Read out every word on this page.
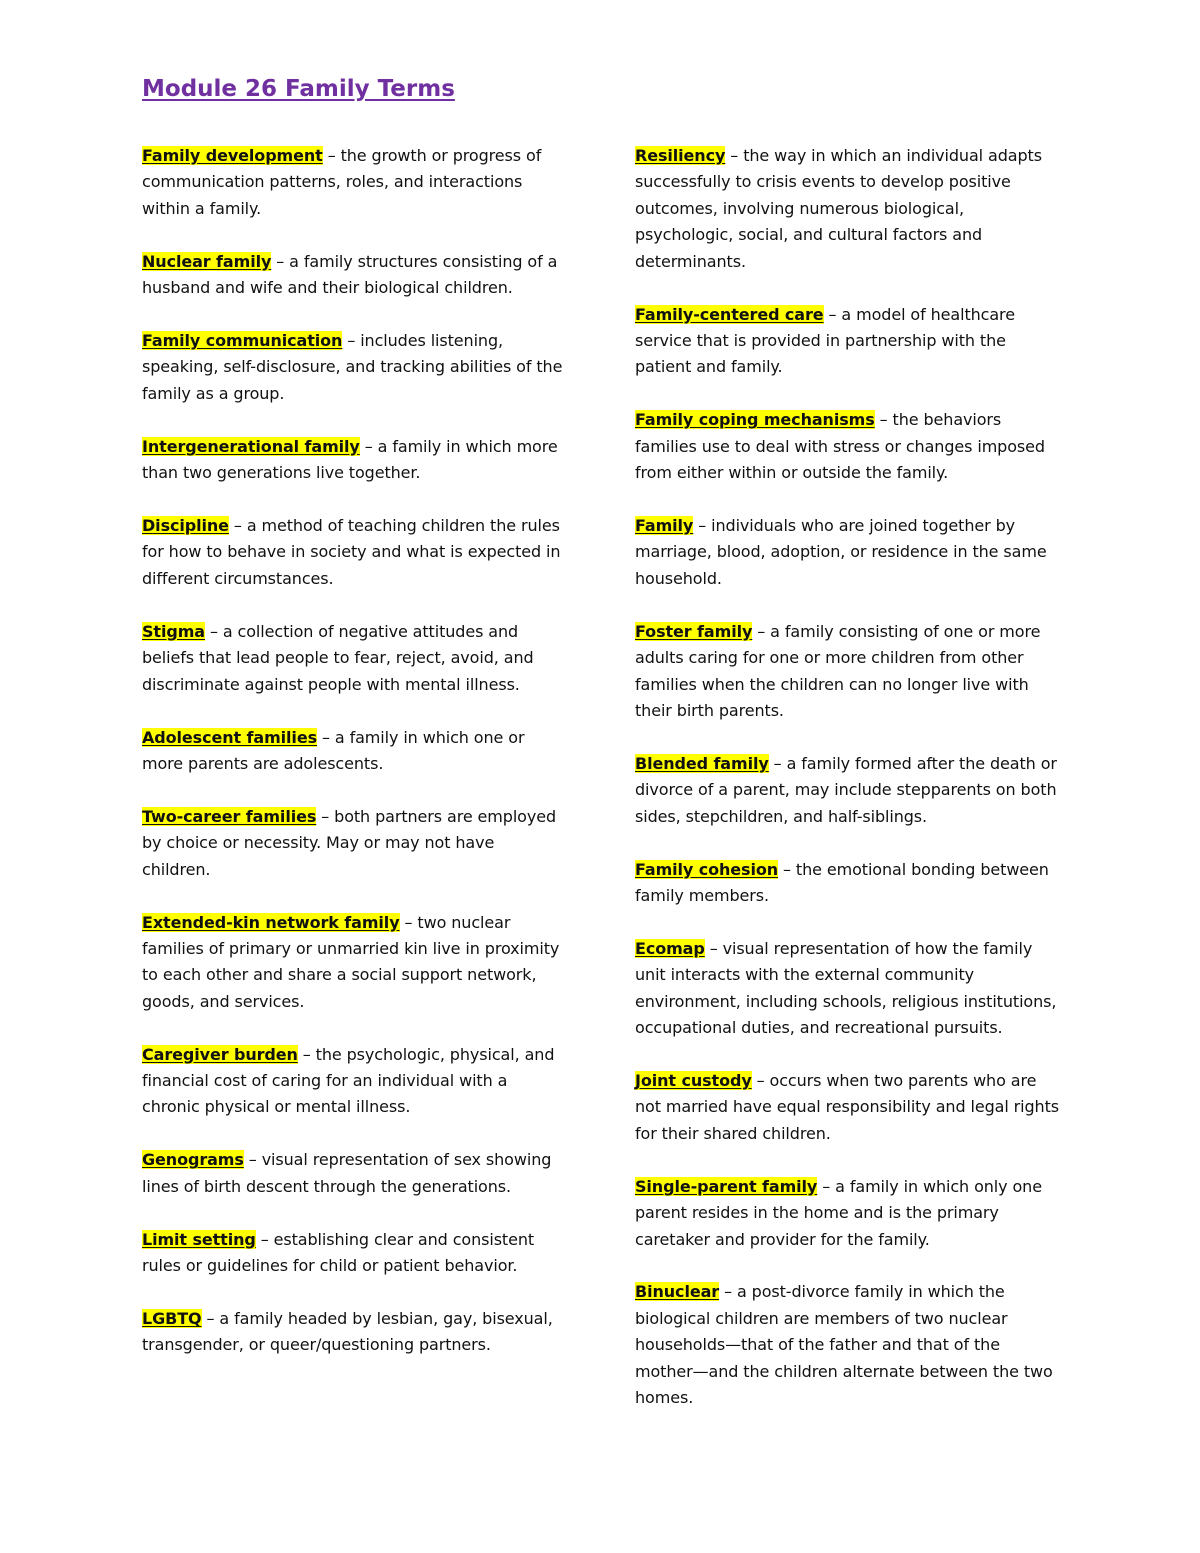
Module 26 Family Terms

Family development – the growth or progress of communication patterns, roles, and interactions within a family.

Nuclear family – a family structures consisting of a husband and wife and their biological children.

Family communication – includes listening, speaking, self-disclosure, and tracking abilities of the family as a group.

Intergenerational family – a family in which more than two generations live together.

Discipline – a method of teaching children the rules for how to behave in society and what is expected in different circumstances.

Stigma – a collection of negative attitudes and beliefs that lead people to fear, reject, avoid, and discriminate against people with mental illness.

Adolescent families – a family in which one or more parents are adolescents.

Two-career families – both partners are employed by choice or necessity. May or may not have children.

Extended-kin network family – two nuclear families of primary or unmarried kin live in proximity to each other and share a social support network, goods, and services.

Caregiver burden – the psychologic, physical, and financial cost of caring for an individual with a chronic physical or mental illness.

Genograms – visual representation of sex showing lines of birth descent through the generations.

Limit setting – establishing clear and consistent rules or guidelines for child or patient behavior.

LGBTQ – a family headed by lesbian, gay, bisexual, transgender, or queer/questioning partners.

Resiliency – the way in which an individual adapts successfully to crisis events to develop positive outcomes, involving numerous biological, psychologic, social, and cultural factors and determinants.

Family-centered care – a model of healthcare service that is provided in partnership with the patient and family.

Family coping mechanisms – the behaviors families use to deal with stress or changes imposed from either within or outside the family.

Family – individuals who are joined together by marriage, blood, adoption, or residence in the same household.

Foster family – a family consisting of one or more adults caring for one or more children from other families when the children can no longer live with their birth parents.

Blended family – a family formed after the death or divorce of a parent, may include stepparents on both sides, stepchildren, and half-siblings.

Family cohesion – the emotional bonding between family members.

Ecomap – visual representation of how the family unit interacts with the external community environment, including schools, religious institutions, occupational duties, and recreational pursuits.

Joint custody – occurs when two parents who are not married have equal responsibility and legal rights for their shared children.

Single-parent family – a family in which only one parent resides in the home and is the primary caretaker and provider for the family.

Binuclear – a post-divorce family in which the biological children are members of two nuclear households—that of the father and that of the mother—and the children alternate between the two homes.
